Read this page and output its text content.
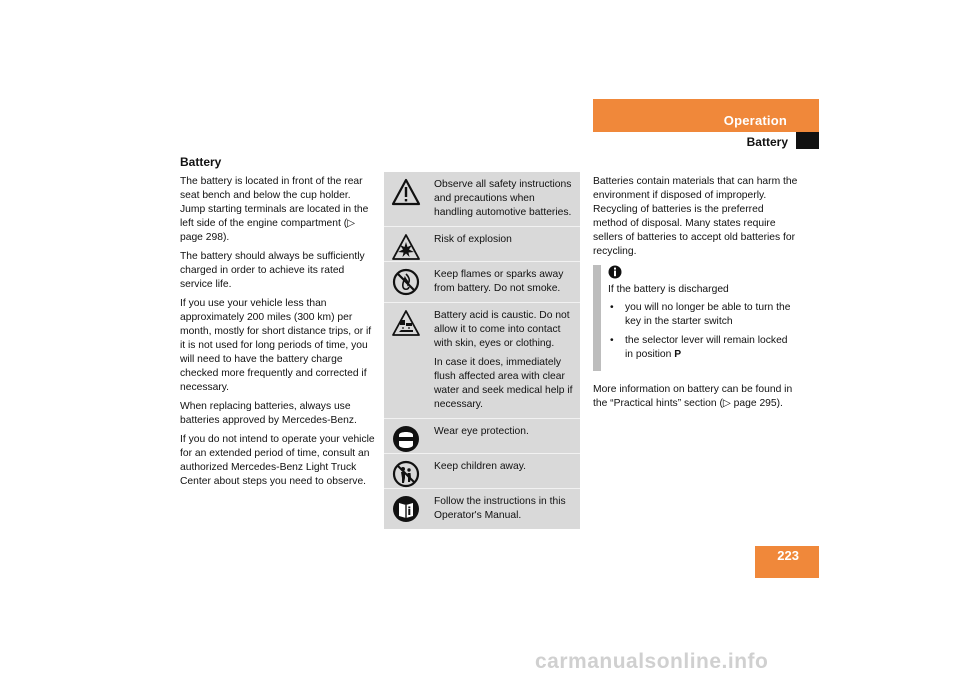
Operation
Battery
Battery

The battery is located in front of the rear seat bench and below the cup holder. Jump starting terminals are located in the left side of the engine compartment (▷ page 298).

The battery should always be sufficiently charged in order to achieve its rated service life.

If you use your vehicle less than approximately 200 miles (300 km) per month, mostly for short distance trips, or if it is not used for long periods of time, you will need to have the battery charge checked more frequently and corrected if necessary.

When replacing batteries, always use batteries approved by Mercedes-Benz.

If you do not intend to operate your vehicle for an extended period of time, consult an authorized Mercedes-Benz Light Truck Center about steps you need to observe.

Observe all safety instructions and precautions when handling automotive batteries.

Risk of explosion

Keep flames or sparks away from battery. Do not smoke.

Battery acid is caustic. Do not allow it to come into contact with skin, eyes or clothing.

In case it does, immediately flush affected area with clear water and seek medical help if necessary.

Wear eye protection.

Keep children away.

Follow the instructions in this Operator's Manual.

Batteries contain materials that can harm the environment if disposed of improperly. Recycling of batteries is the preferred method of disposal. Many states require sellers of batteries to accept old batteries for recycling.

If the battery is discharged

• you will no longer be able to turn the key in the starter switch
• the selector lever will remain locked in position P

More information on battery can be found in the “Practical hints” section (▷ page 295).

223
carmanualsonline.info
